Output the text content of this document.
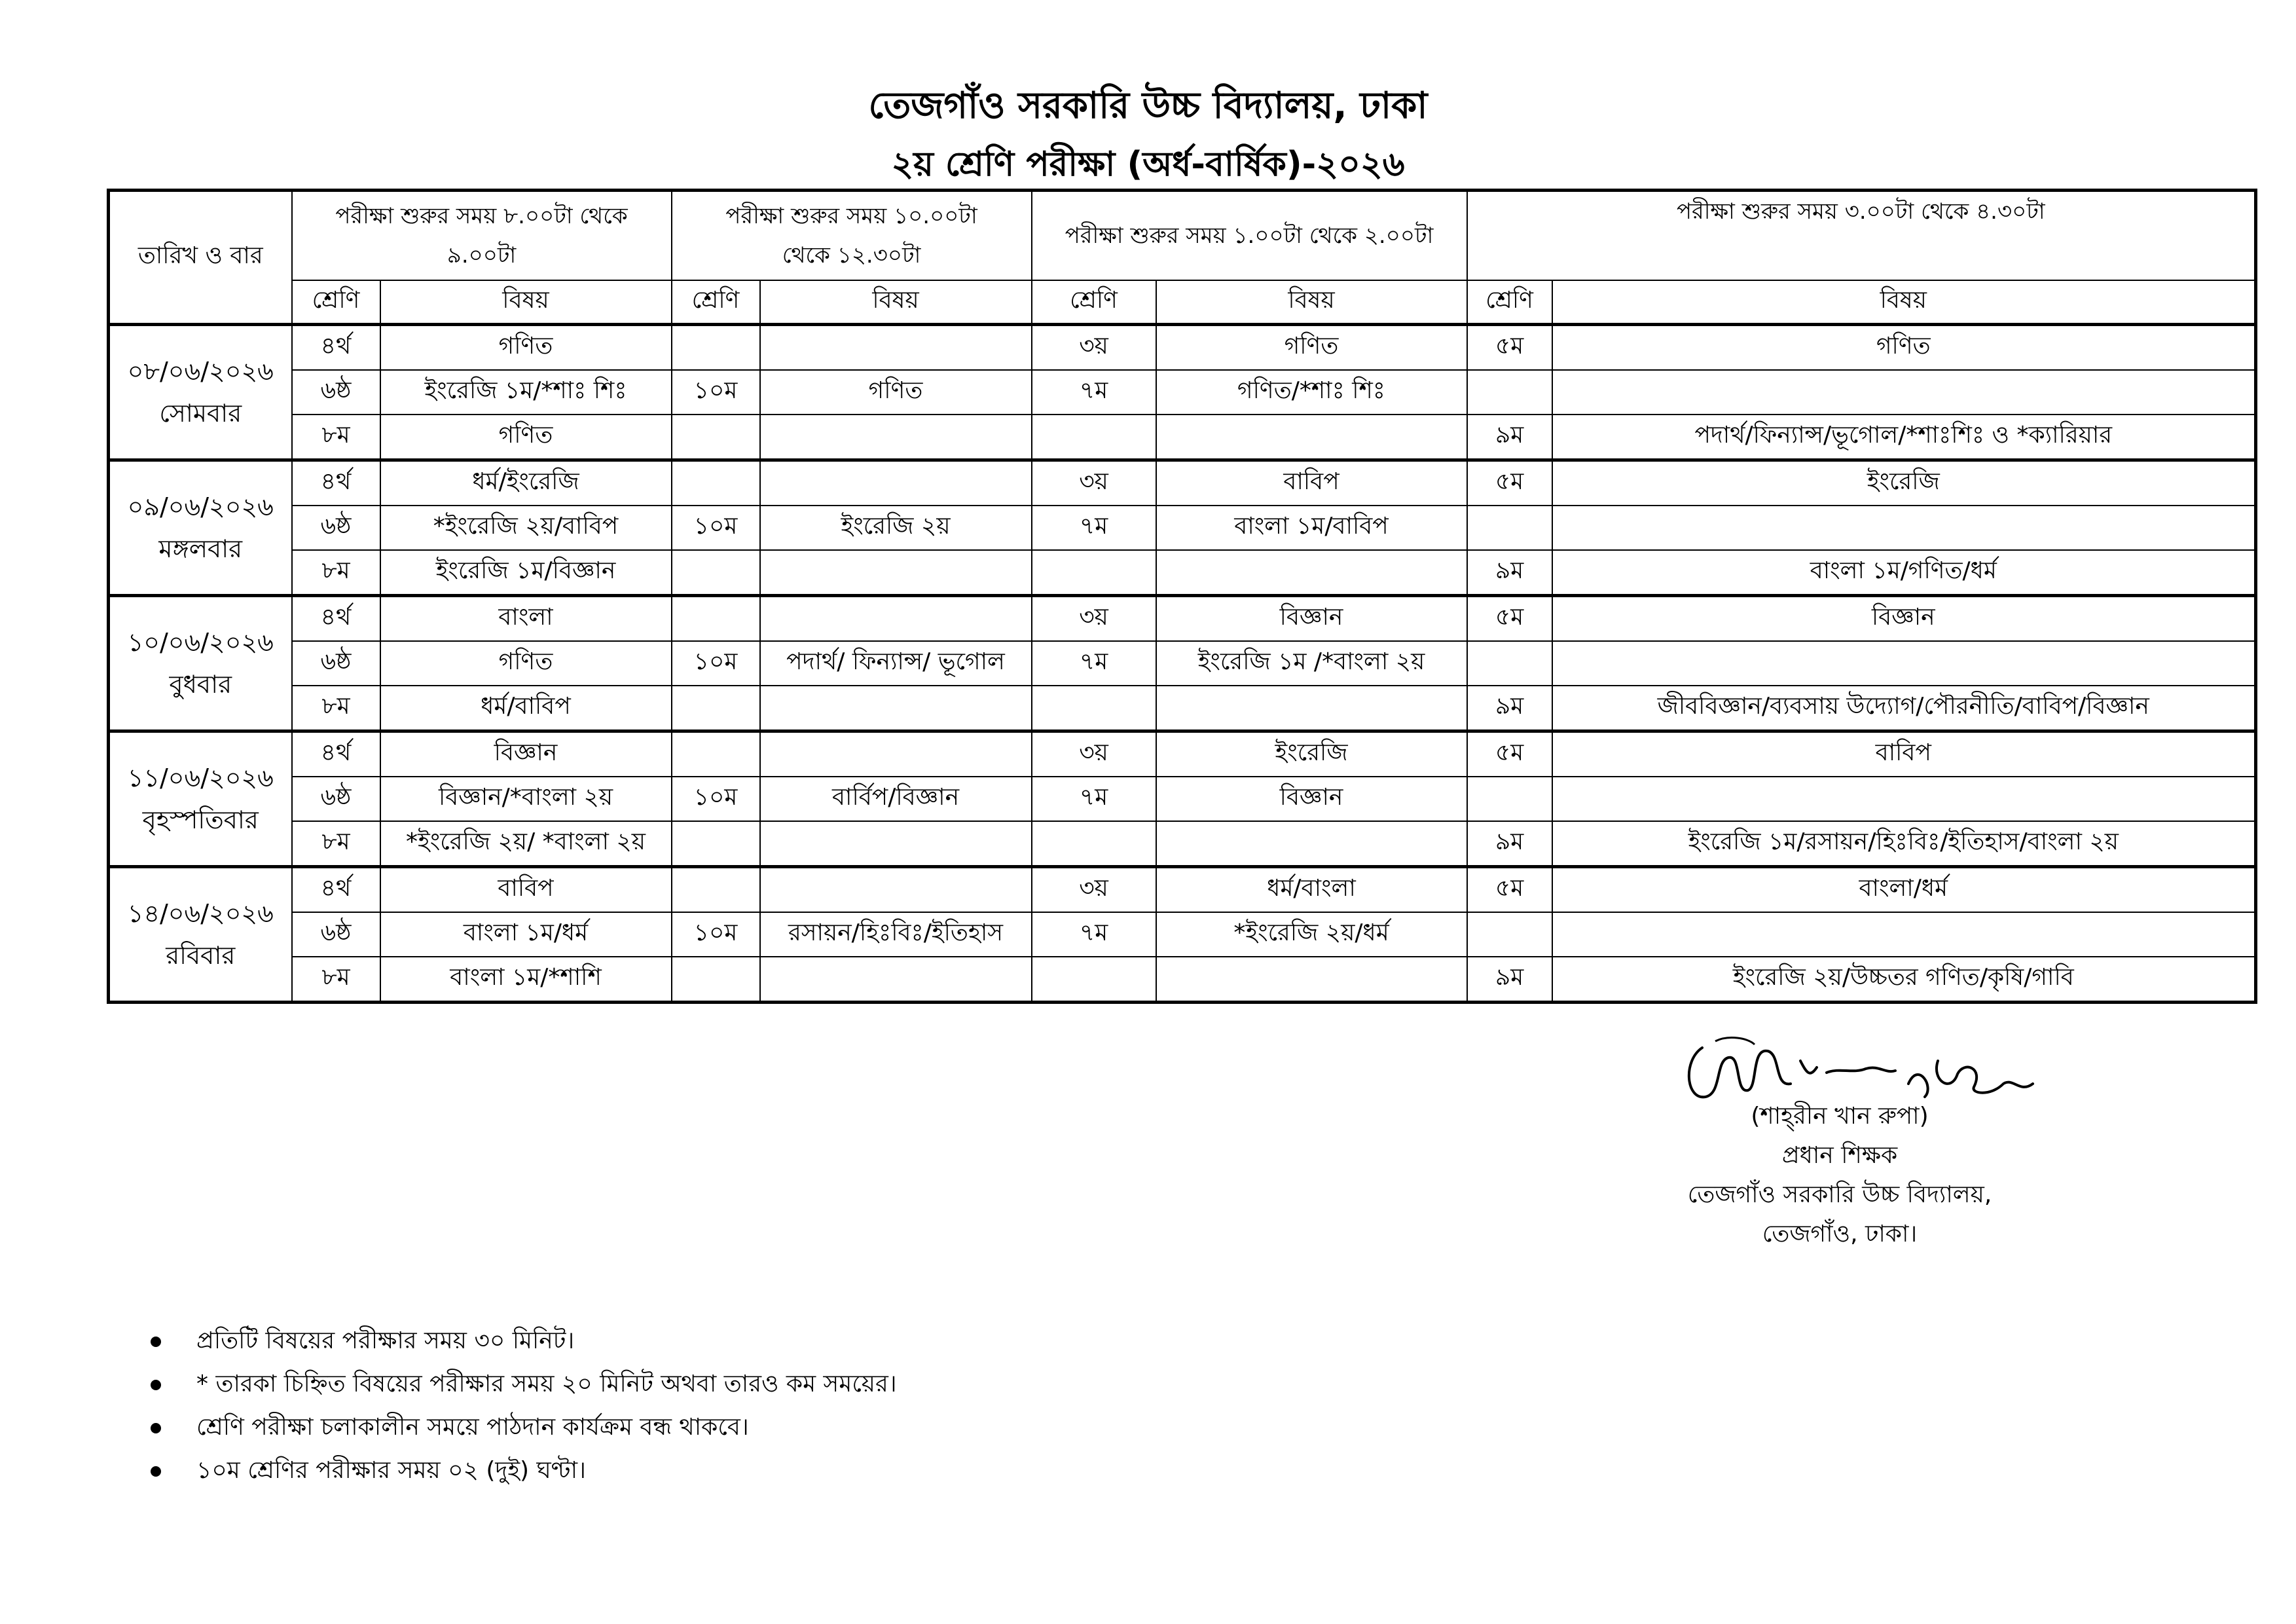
তেজগাঁও সরকারি উচ্চ বিদ্যালয়, ঢাকা
২য় শ্রেণি পরীক্ষা (অর্ধ-বার্ষিক)-২০২৬
তারিখ ও বার	পরীক্ষা শুরুর সময় ৮.০০টা থেকে ৯.০০টা		পরীক্ষা শুরুর সময় ১০.০০টা থেকে ১২.৩০টা		পরীক্ষা শুরুর সময় ১.০০টা থেকে ২.০০টা		পরীক্ষা শুরুর সময় ৩.০০টা থেকে ৪.৩০টা	

	শ্রেণি	বিষয়	শ্রেণি	বিষয়	শ্রেণি	বিষয়	শ্রেণি	বিষয়

০৮/০৬/২০২৬
সোমবার	৪র্থ	গণিত			৩য়	গণিত	৫ম	গণিত
	৬ষ্ঠ	ইংরেজি ১ম/*শাঃ শিঃ	১০ম	গণিত	৭ম	গণিত/*শাঃ শিঃ		
	৮ম	গণিত					৯ম	পদার্থ/ফিন্যান্স/ভূগোল/*শাঃশিঃ ও *ক্যারিয়ার

০৯/০৬/২০২৬
মঙ্গলবার	৪র্থ	ধর্ম/ইংরেজি			৩য়	বাবিপ	৫ম	ইংরেজি
	৬ষ্ঠ	*ইংরেজি ২য়/বাবিপ	১০ম	ইংরেজি ২য়	৭ম	বাংলা ১ম/বাবিপ		
	৮ম	ইংরেজি ১ম/বিজ্ঞান					৯ম	বাংলা ১ম/গণিত/ধর্ম

১০/০৬/২০২৬
বুধবার	৪র্থ	বাংলা			৩য়	বিজ্ঞান	৫ম	বিজ্ঞান
	৬ষ্ঠ	গণিত	১০ম	পদার্থ/ ফিন্যান্স/ ভূগোল	৭ম	ইংরেজি ১ম /*বাংলা ২য়		
	৮ম	ধর্ম/বাবিপ					৯ম	জীববিজ্ঞান/ব্যবসায় উদ্যোগ/পৌরনীতি/বাবিপ/বিজ্ঞান

১১/০৬/২০২৬
বৃহস্পতিবার	৪র্থ	বিজ্ঞান			৩য়	ইংরেজি	৫ম	বাবিপ
	৬ষ্ঠ	বিজ্ঞান/*বাংলা ২য়	১০ম	বার্বিপ/বিজ্ঞান	৭ম	বিজ্ঞান		
	৮ম	*ইংরেজি ২য়/ *বাংলা ২য়					৯ম	ইংরেজি ১ম/রসায়ন/হিঃবিঃ/ইতিহাস/বাংলা ২য়

১৪/০৬/২০২৬
রবিবার	৪র্থ	বাবিপ			৩য়	ধর্ম/বাংলা	৫ম	বাংলা/ধর্ম
	৬ষ্ঠ	বাংলা ১ম/ধর্ম	১০ম	রসায়ন/হিঃবিঃ/ইতিহাস	৭ম	*ইংরেজি ২য়/ধর্ম		
	৮ম	বাংলা ১ম/*শাশি					৯ম	ইংরেজি ২য়/উচ্চতর গণিত/কৃষি/গাবি
(শাহ্‌রীন খান রুপা)
প্রধান শিক্ষক
তেজগাঁও সরকারি উচ্চ বিদ্যালয়,
তেজগাঁও, ঢাকা।
প্রতিটি বিষয়ের পরীক্ষার সময় ৩০ মিনিট।
* তারকা চিহ্নিত বিষয়ের পরীক্ষার সময় ২০ মিনিট অথবা তারও কম সময়ের।
শ্রেণি পরীক্ষা চলাকালীন সময়ে পাঠদান কার্যক্রম বন্ধ থাকবে।
১০ম শ্রেণির পরীক্ষার সময় ০২ (দুই) ঘণ্টা।
